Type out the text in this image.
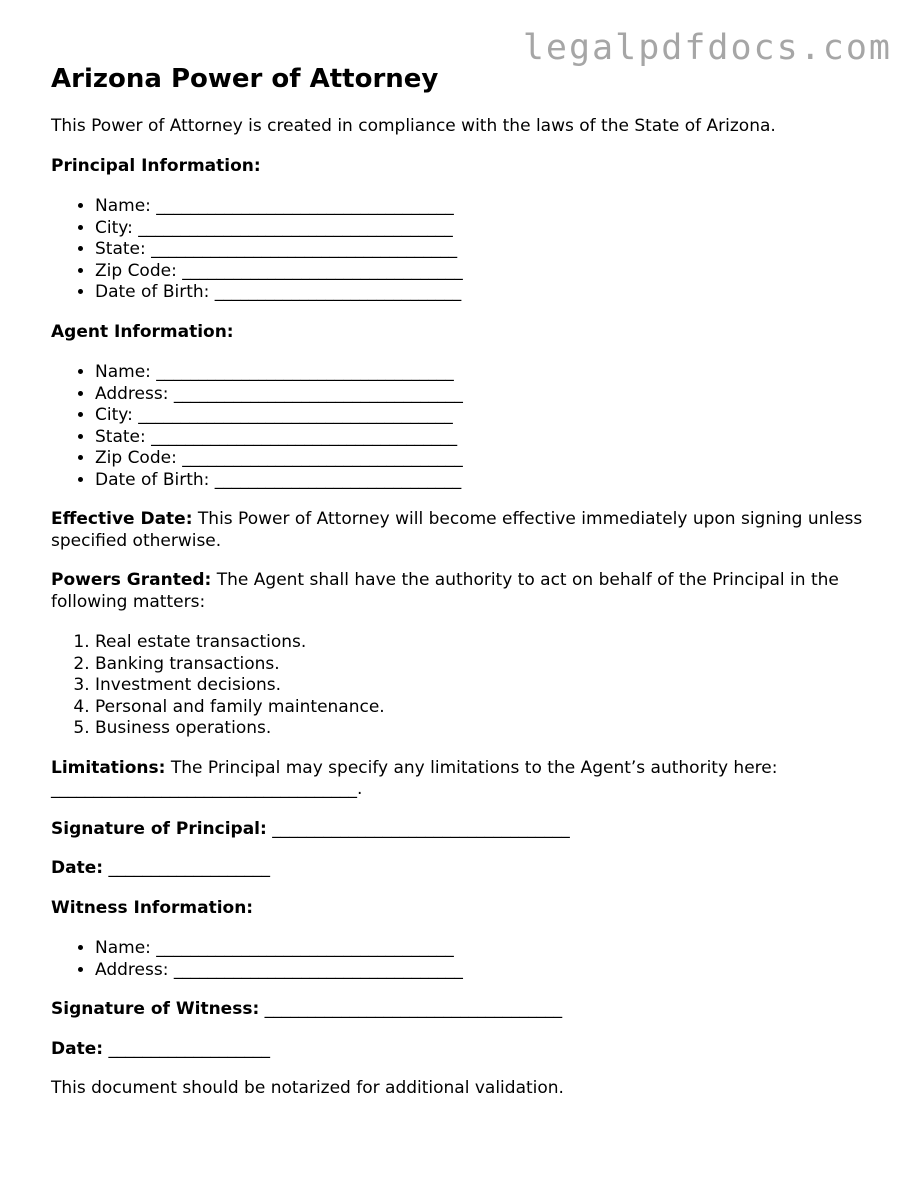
legalpdfdocs.com
Arizona Power of Attorney

This Power of Attorney is created in compliance with the laws of the State of Arizona.

Principal Information:

• Name: ___________________________________
• City: _____________________________________
• State: ____________________________________
• Zip Code: _________________________________
• Date of Birth: _____________________________

Agent Information:

• Name: ___________________________________
• Address: __________________________________
• City: _____________________________________
• State: ____________________________________
• Zip Code: _________________________________
• Date of Birth: _____________________________

Effective Date: This Power of Attorney will become effective immediately upon signing unless specified otherwise.

Powers Granted: The Agent shall have the authority to act on behalf of the Principal in the following matters:

1. Real estate transactions.
2. Banking transactions.
3. Investment decisions.
4. Personal and family maintenance.
5. Business operations.

Limitations: The Principal may specify any limitations to the Agent’s authority here: ____________________________________.

Signature of Principal: ___________________________________

Date: ___________________

Witness Information:

• Name: ___________________________________
• Address: __________________________________

Signature of Witness: ___________________________________

Date: ___________________

This document should be notarized for additional validation.
